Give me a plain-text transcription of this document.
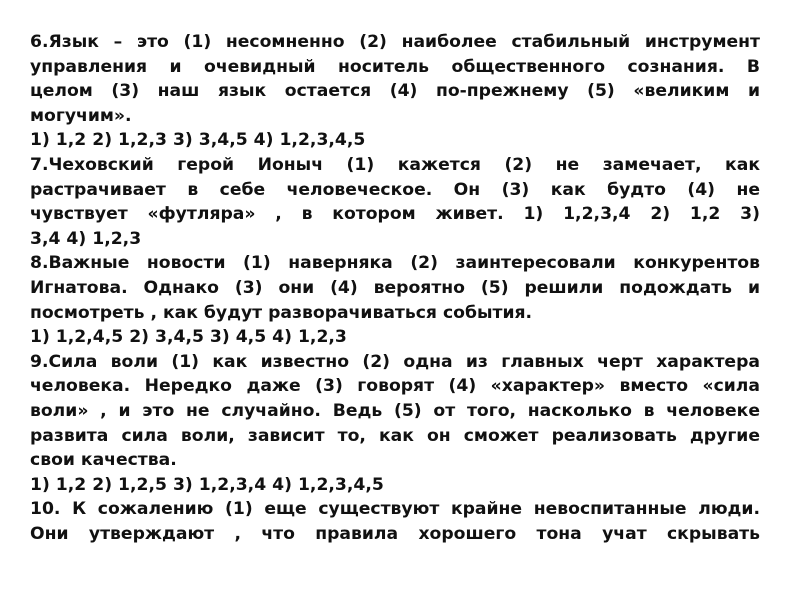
6.Язык – это (1) несомненно (2) наиболее стабильный инструмент
управления и очевидный носитель общественного сознания. В
целом (3) наш язык остается (4) по-прежнему (5) «великим и
могучим».
1) 1,2 2) 1,2,3 3) 3,4,5 4) 1,2,3,4,5
7.Чеховский герой Ионыч (1) кажется (2) не замечает, как
растрачивает в себе человеческое. Он (3) как будто (4) не
чувствует «футляра» , в котором живет. 1) 1,2,3,4 2) 1,2 3)
3,4 4) 1,2,3
8.Важные новости (1) наверняка (2) заинтересовали конкурентов
Игнатова. Однако (3) они (4) вероятно (5) решили подождать и
посмотреть , как будут разворачиваться события.
1) 1,2,4,5 2) 3,4,5 3) 4,5 4) 1,2,3
9.Сила воли (1) как известно (2) одна из главных черт характера
человека. Нередко даже (3) говорят (4) «характер» вместо «сила
воли» , и это не случайно. Ведь (5) от того, насколько в человеке
развита сила воли, зависит то, как он сможет реализовать другие
свои качества.
1) 1,2 2) 1,2,5 3) 1,2,3,4 4) 1,2,3,4,5
10. К сожалению (1) еще существуют крайне невоспитанные люди.
Они утверждают , что правила хорошего тона учат скрывать
